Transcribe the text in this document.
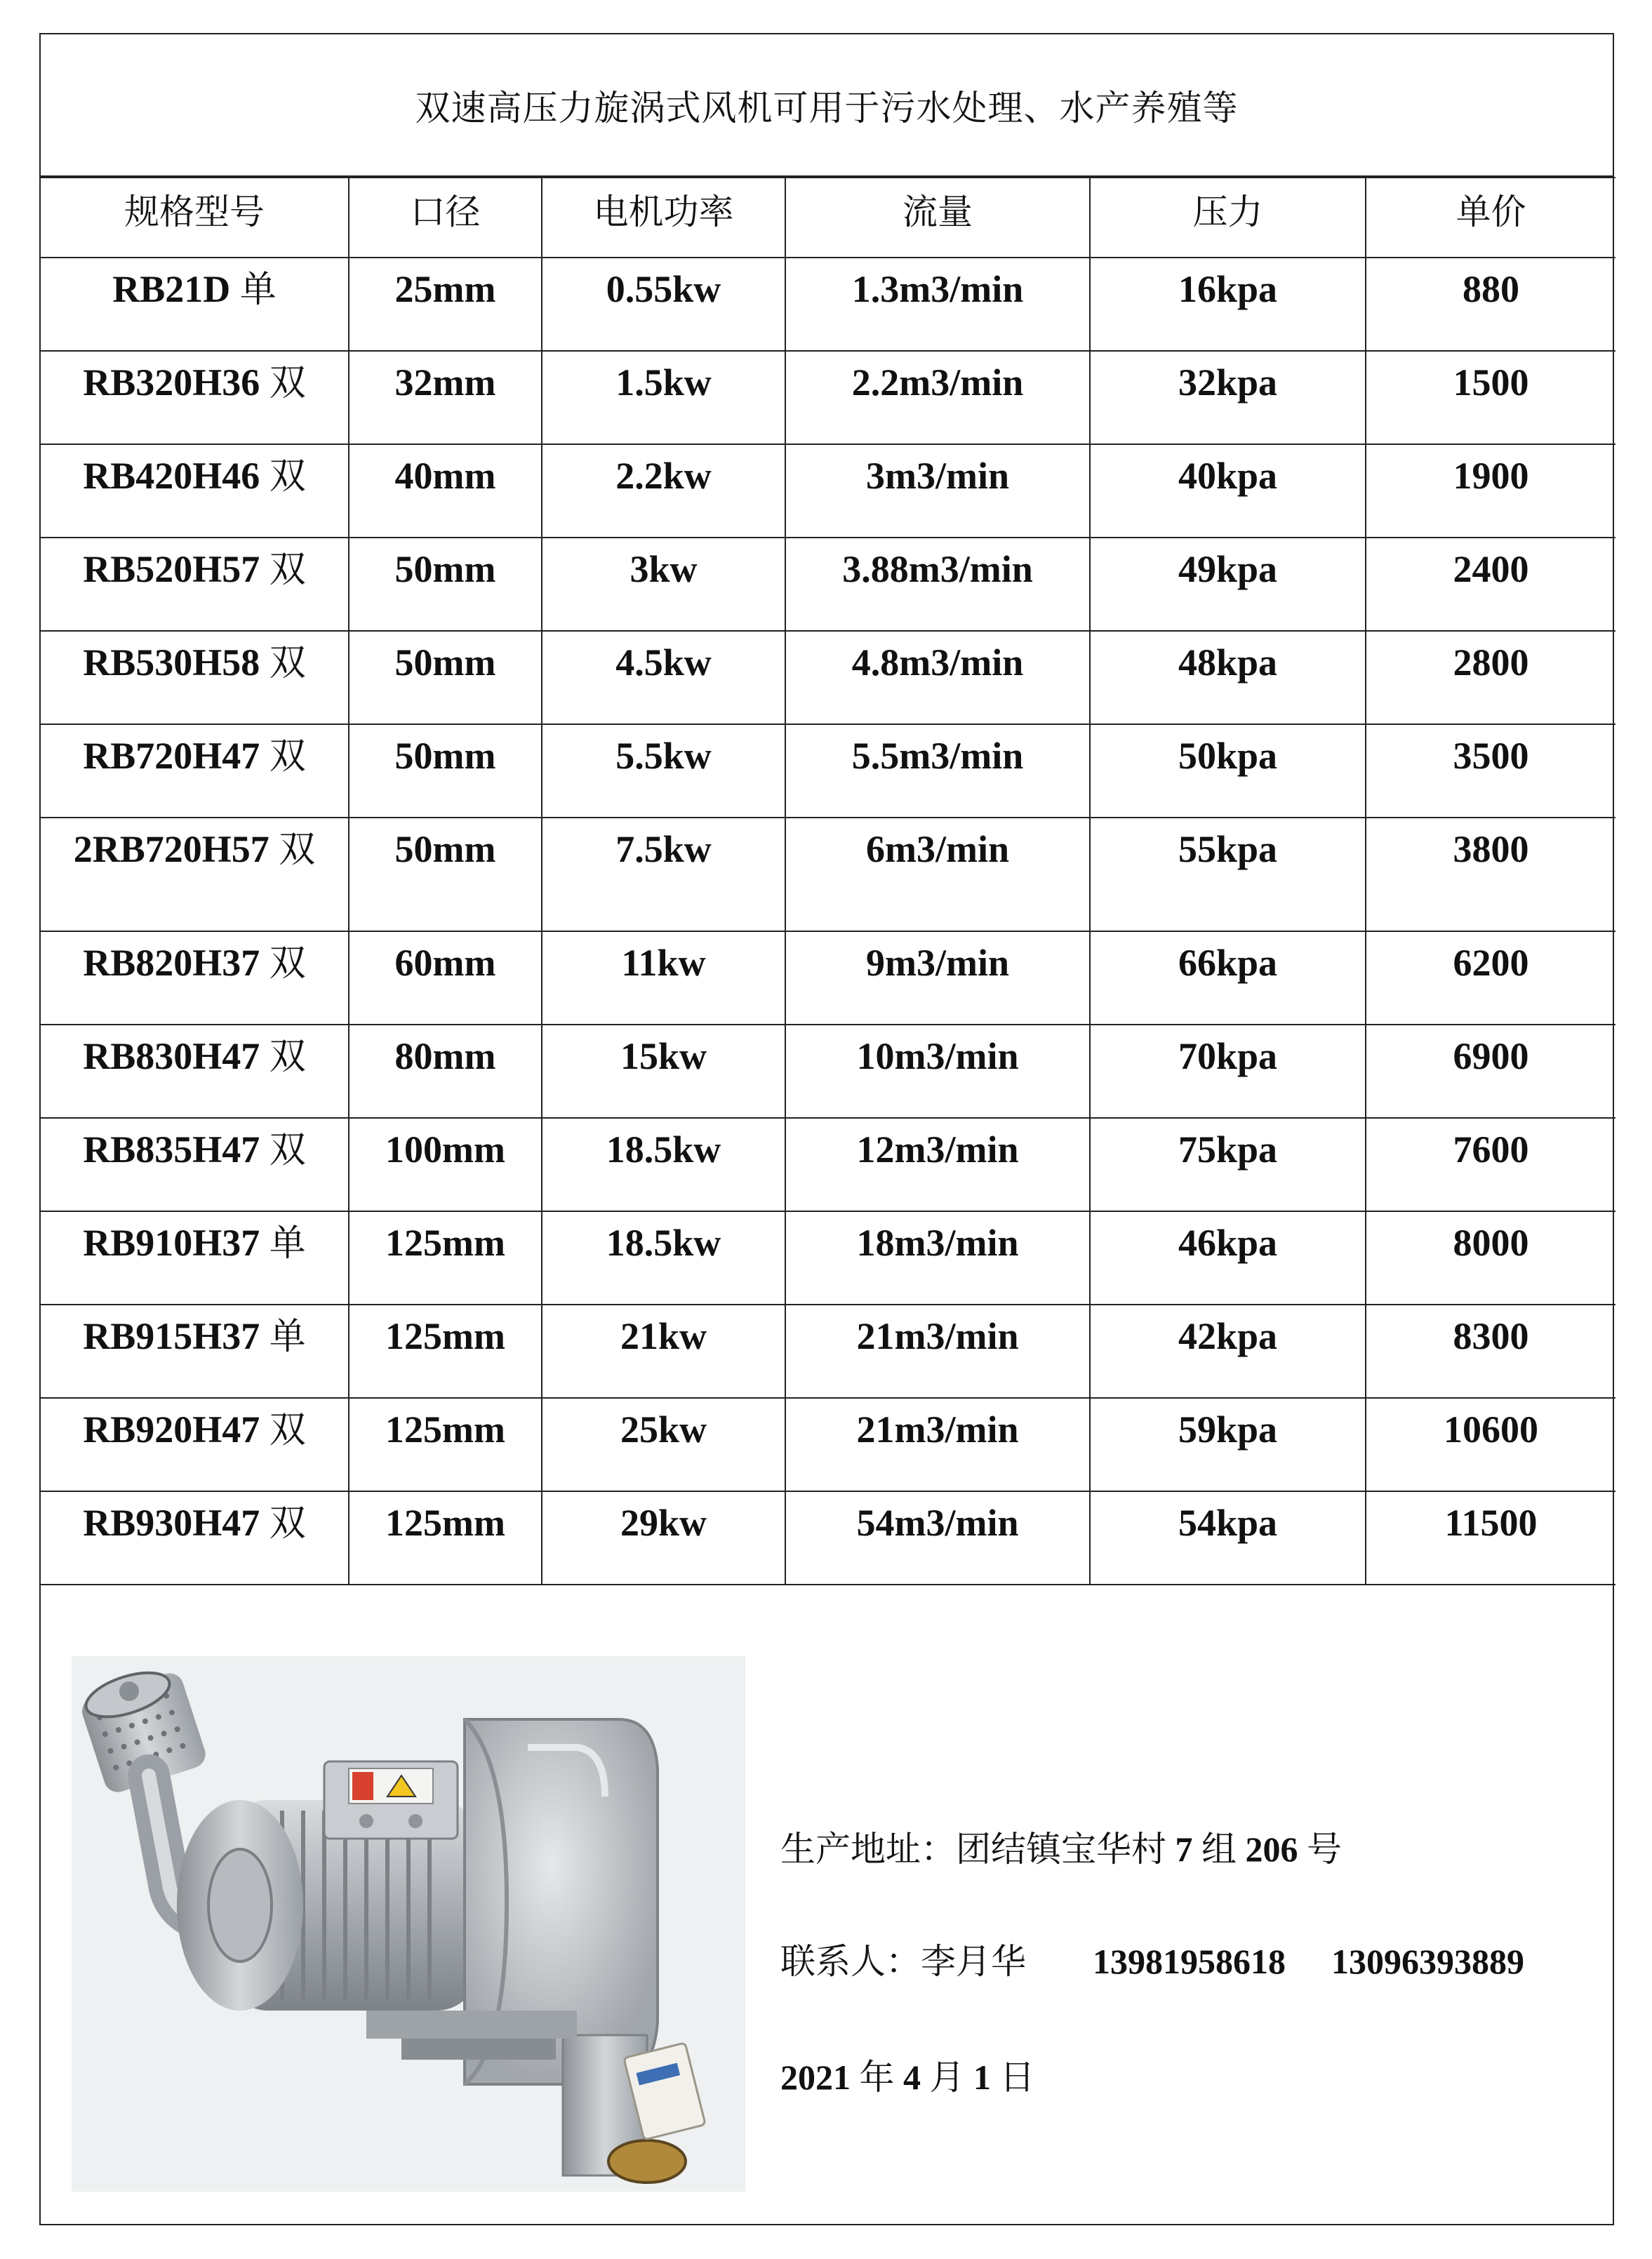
双速高压力旋涡式风机可用于污水处理、水产养殖等
规格型号	口径	电机功率	流量	压力	单价
RB21D 单	25mm	0.55kw	1.3m3/min	16kpa	880
RB320H36 双	32mm	1.5kw	2.2m3/min	32kpa	1500
RB420H46 双	40mm	2.2kw	3m3/min	40kpa	1900
RB520H57 双	50mm	3kw	3.88m3/min	49kpa	2400
RB530H58 双	50mm	4.5kw	4.8m3/min	48kpa	2800
RB720H47 双	50mm	5.5kw	5.5m3/min	50kpa	3500
2RB720H57 双	50mm	7.5kw	6m3/min	55kpa	3800
RB820H37 双	60mm	11kw	9m3/min	66kpa	6200
RB830H47 双	80mm	15kw	10m3/min	70kpa	6900
RB835H47 双	100mm	18.5kw	12m3/min	75kpa	7600
RB910H37 单	125mm	18.5kw	18m3/min	46kpa	8000
RB915H37 单	125mm	21kw	21m3/min	42kpa	8300
RB920H47 双	125mm	25kw	21m3/min	59kpa	10600
RB930H47 双	125mm	29kw	54m3/min	54kpa	11500
生产地址：团结镇宝华村 7 组 206 号
联系人：李月华 13981958618 13096393889
2021 年 4 月 1 日
